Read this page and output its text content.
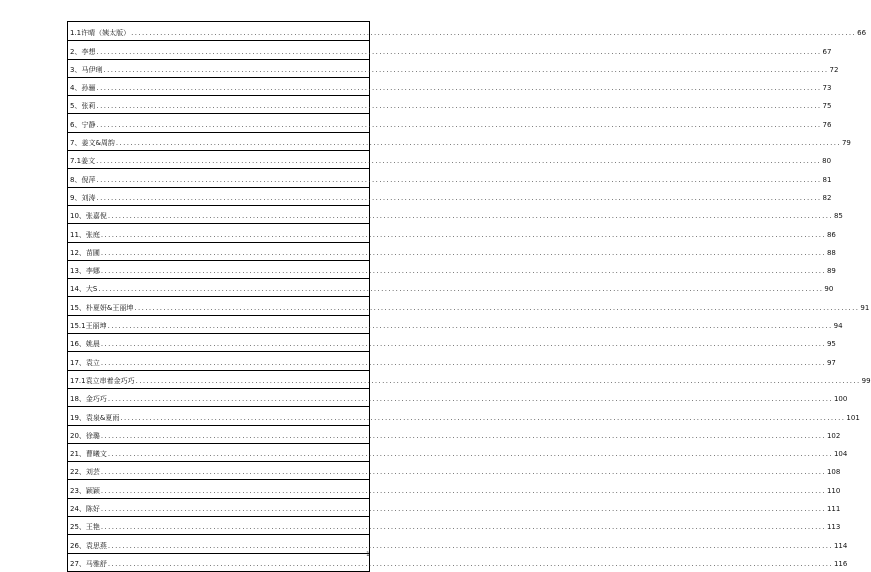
1.1许晴（姨太版） ........................................................................................................................................................................................................ 66
2、李想 ........................................................................................................................................................................................................ 67
3、马伊琍 ........................................................................................................................................................................................................ 72
4、孙骊 ........................................................................................................................................................................................................ 73
5、张莉 ........................................................................................................................................................................................................ 75
6、宁静 ........................................................................................................................................................................................................ 76
7、姜文&周韵 ........................................................................................................................................................................................................ 79
7.1姜文 ........................................................................................................................................................................................................ 80
8、倪萍 ........................................................................................................................................................................................................ 81
9、刘涛 ........................................................................................................................................................................................................ 82
10、张嘉倪 ........................................................................................................................................................................................................ 85
11、张庭 ........................................................................................................................................................................................................ 86
12、苗圃 ........................................................................................................................................................................................................ 88
13、李娜 ........................................................................................................................................................................................................ 89
14、大S ........................................................................................................................................................................................................ 90
15、朴夏妍&王丽坤 ........................................................................................................................................................................................................ 91
15.1王丽坤 ........................................................................................................................................................................................................ 94
16、姚晨 ........................................................................................................................................................................................................ 95
17、袁立 ........................................................................................................................................................................................................ 97
17.1袁立串着金巧巧 ........................................................................................................................................................................................................ 99
18、金巧巧 ........................................................................................................................................................................................................ 100
19、袁泉&夏雨 ........................................................................................................................................................................................................ 101
20、徐璐 ........................................................................................................................................................................................................ 102
21、曹曦文 ........................................................................................................................................................................................................ 104
22、刘芸 ........................................................................................................................................................................................................ 108
23、颖颖 ........................................................................................................................................................................................................ 110
24、陈好 ........................................................................................................................................................................................................ 111
25、王艳 ........................................................................................................................................................................................................ 113
26、袁思燕 ........................................................................................................................................................................................................ 114
27、马雅舒 ........................................................................................................................................................................................................ 116
1
